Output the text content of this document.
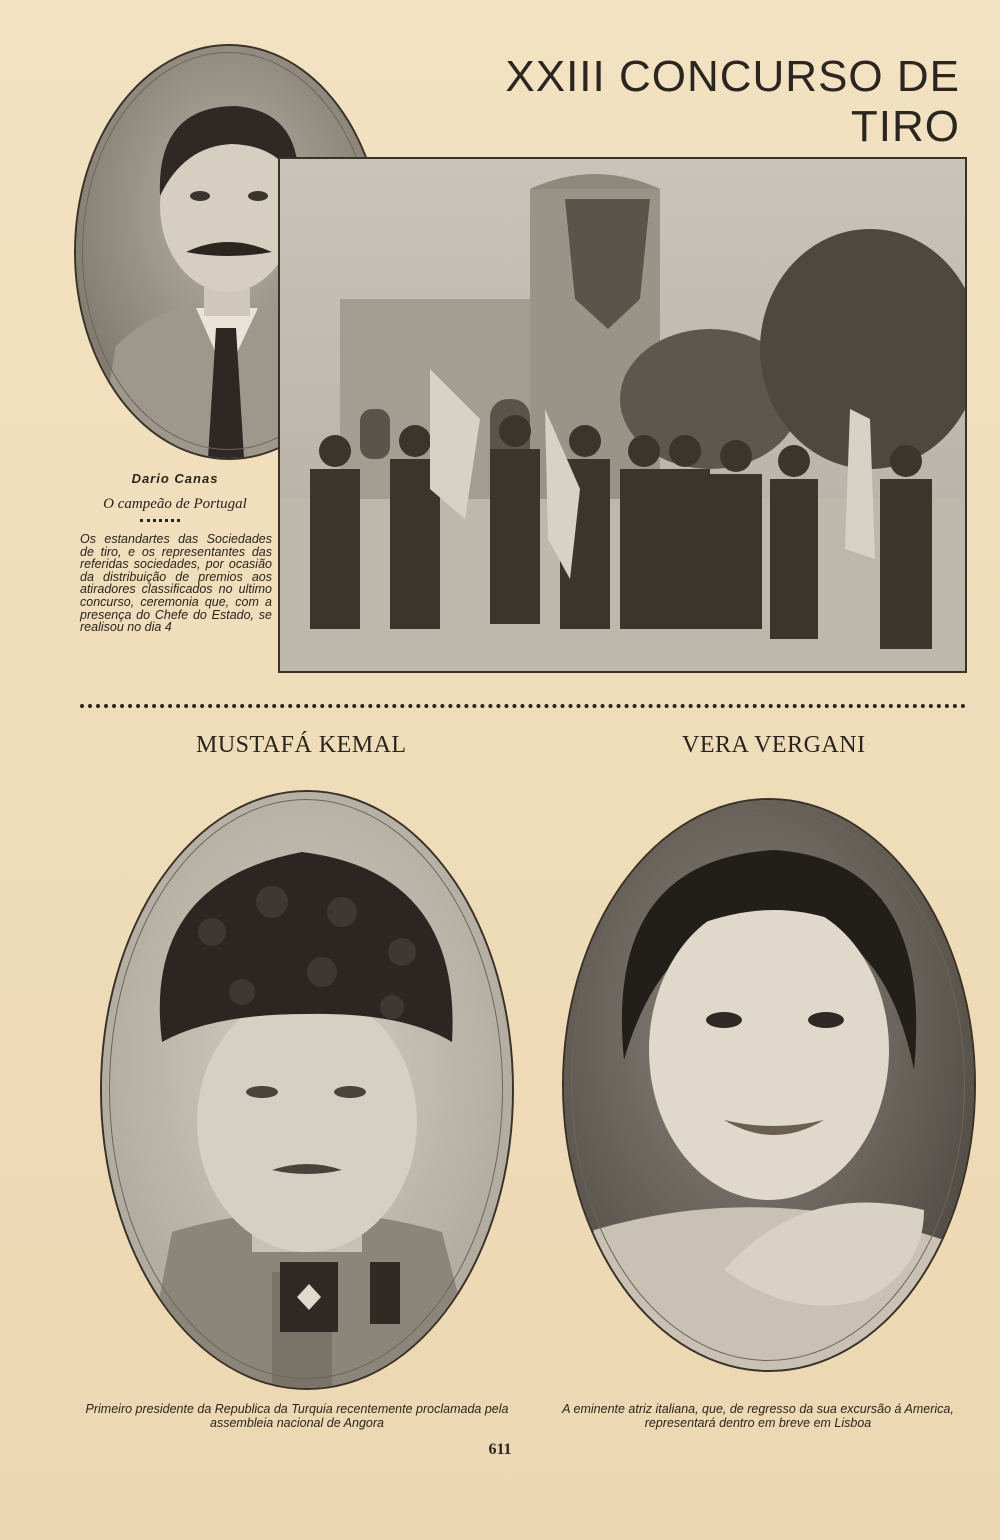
XXIII CONCURSO DE TIRO
Dario Canas
O campeão de Portugal
Os estandartes das Sociedades de tiro, e os representantes das referidas sociedades, por ocasião da distribuição de premios aos atiradores classificados no ultimo concurso, ceremonia que, com a presença do Chefe do Estado, se realisou no dia 4
MUSTAFÁ KEMAL	VERA VERGANI
Primeiro presidente da Republica da Turquia recentemente proclamada pela assembleia nacional de Angora
A eminente atriz italiana, que, de regresso da sua excursão á America, representará dentro em breve em Lisboa
611
